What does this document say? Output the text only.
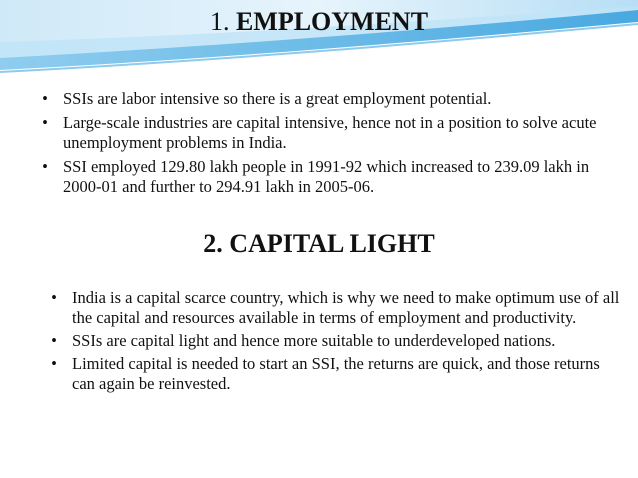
1. EMPLOYMENT
• SSIs are labor intensive so there is a great employment potential.
• Large-scale industries are capital intensive, hence not in a position to solve acute unemployment problems in India.
• SSI employed 129.80 lakh people in 1991-92 which increased to 239.09 lakh in 2000-01 and further to 294.91 lakh in 2005-06.
2. CAPITAL LIGHT
• India is a capital scarce country, which is why we need to make optimum use of all the capital and resources available in terms of employment and productivity.
• SSIs are capital light and hence more suitable to underdeveloped nations.
• Limited capital is needed to start an SSI, the returns are quick, and those returns can again be reinvested.
